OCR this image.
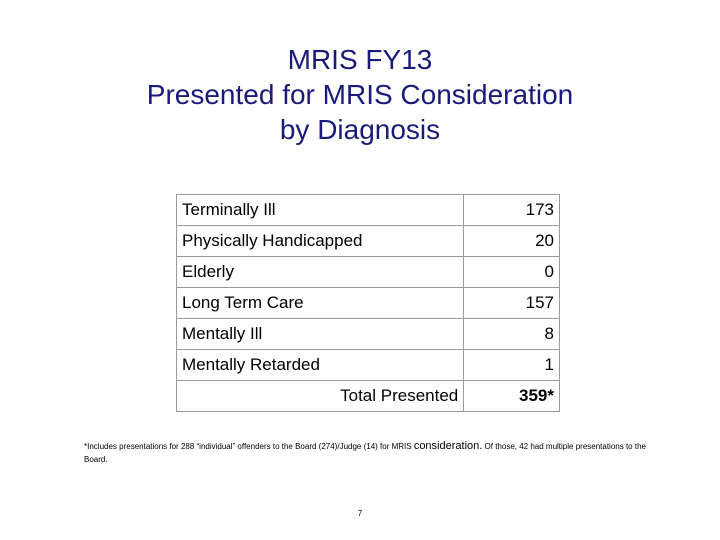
MRIS FY13
Presented for MRIS Consideration
by Diagnosis
Terminally Ill	173
Physically Handicapped	20
Elderly	0
Long Term Care	157
Mentally Ill	8
Mentally Retarded	1
Total Presented	359*
*Includes presentations for 288 “individual” offenders to the Board (274)/Judge (14) for MRIS consideration. Of those, 42 had multiple presentations to the Board.
7
